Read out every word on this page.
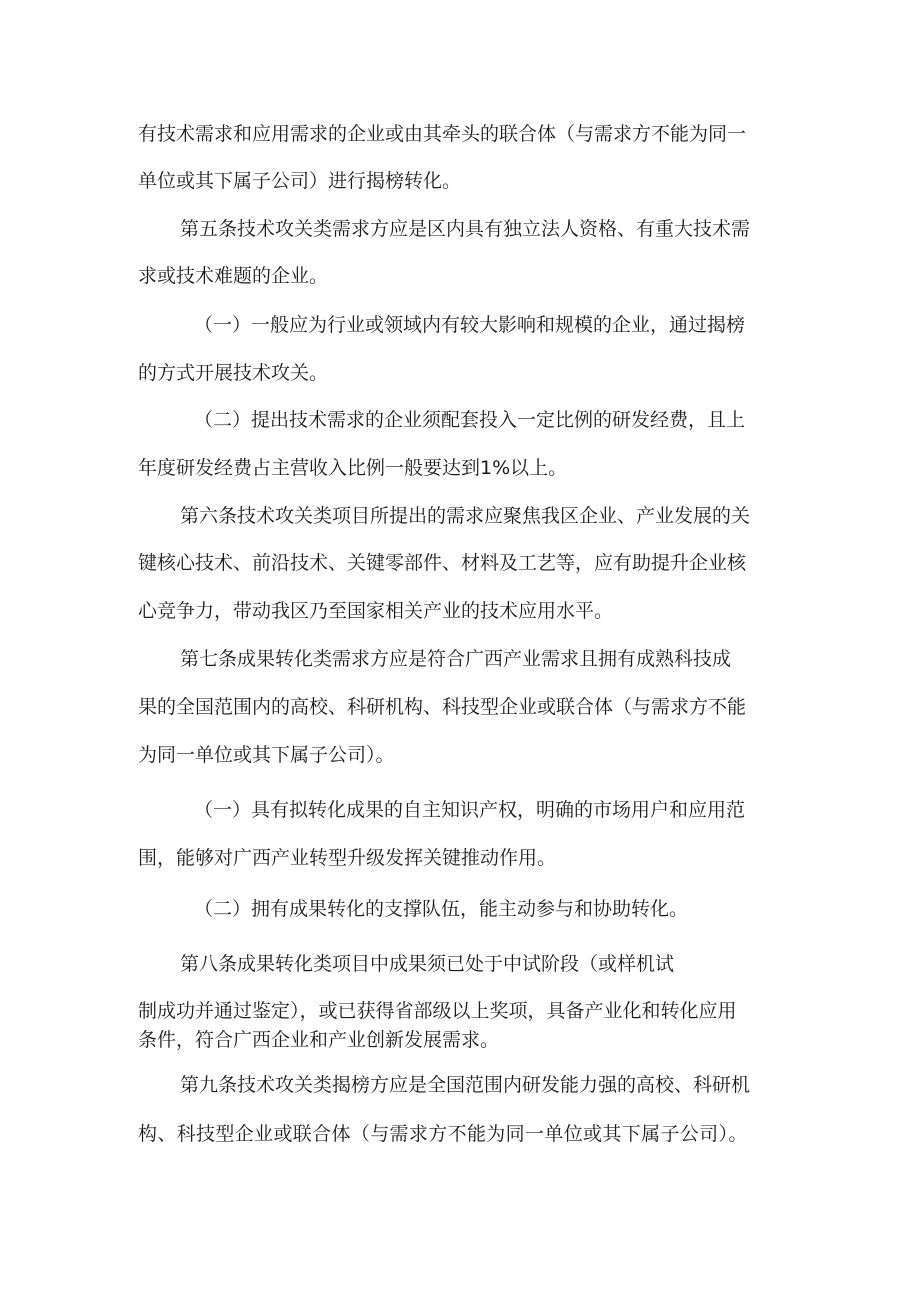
有技术需求和应用需求的企业或由其牵头的联合体（与需求方不能为同一
单位或其下属子公司）进行揭榜转化。
第五条技术攻关类需求方应是区内具有独立法人资格、有重大技术需
求或技术难题的企业。
（一）一般应为行业或领域内有较大影响和规模的企业，通过揭榜
的方式开展技术攻关。
（二）提出技术需求的企业须配套投入一定比例的研发经费，且上
年度研发经费占主营收入比例一般要达到1%以上。
第六条技术攻关类项目所提出的需求应聚焦我区企业、产业发展的关
键核心技术、前沿技术、关键零部件、材料及工艺等，应有助提升企业核
心竞争力，带动我区乃至国家相关产业的技术应用水平。
第七条成果转化类需求方应是符合广西产业需求且拥有成熟科技成
果的全国范围内的高校、科研机构、科技型企业或联合体（与需求方不能
为同一单位或其下属子公司）。
（一）具有拟转化成果的自主知识产权，明确的市场用户和应用范
围，能够对广西产业转型升级发挥关键推动作用。
（二）拥有成果转化的支撑队伍，能主动参与和协助转化。
第八条成果转化类项目中成果须已处于中试阶段（或样机试
制成功并通过鉴定），或已获得省部级以上奖项，具备产业化和转化应用
条件，符合广西企业和产业创新发展需求。
第九条技术攻关类揭榜方应是全国范围内研发能力强的高校、科研机
构、科技型企业或联合体（与需求方不能为同一单位或其下属子公司）。
